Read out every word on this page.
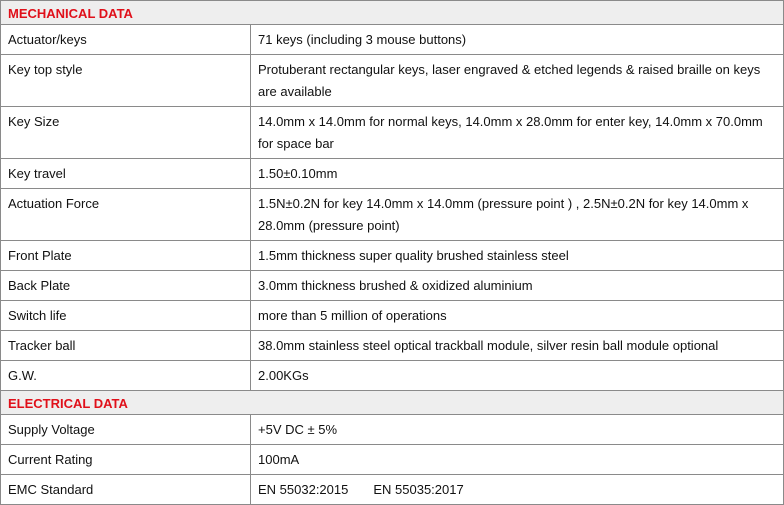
MECHANICAL DATA	
Actuator/keys	71 keys (including 3 mouse buttons)
Key top style	Protuberant rectangular keys, laser engraved & etched legends & raised braille on keys are available
Key Size	14.0mm x 14.0mm for normal keys, 14.0mm x 28.0mm for enter key, 14.0mm x 70.0mm for space bar
Key travel	1.50±0.10mm
Actuation Force	1.5N±0.2N for key 14.0mm x 14.0mm (pressure point ) , 2.5N±0.2N for key 14.0mm x 28.0mm (pressure point)
Front Plate	1.5mm thickness super quality brushed stainless steel
Back Plate	3.0mm thickness brushed & oxidized aluminium
Switch life	more than 5 million of operations
Tracker ball	38.0mm stainless steel optical trackball module, silver resin ball module optional
G.W.	2.00KGs
ELECTRICAL DATA	
Supply Voltage	+5V DC ± 5%
Current Rating	100mA
EMC Standard	EN 55032:2015 EN 55035:2017
